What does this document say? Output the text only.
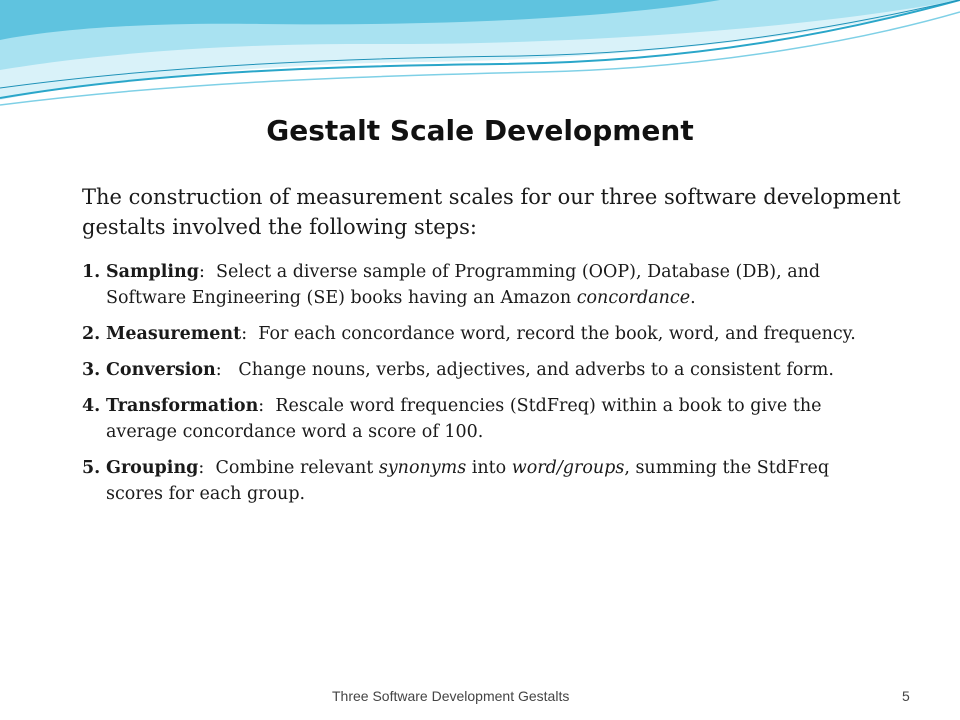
Gestalt Scale Development
The construction of measurement scales for our three software development gestalts involved the following steps:
1. Sampling:  Select a diverse sample of Programming (OOP), Database (DB), and Software Engineering (SE) books having an Amazon concordance.
2. Measurement:  For each concordance word, record the book, word, and frequency.
3. Conversion:   Change nouns, verbs, adjectives, and adverbs to a consistent form.
4. Transformation:  Rescale word frequencies (StdFreq) within a book to give the average concordance word a score of 100.
5. Grouping:  Combine relevant synonyms into word/groups, summing the StdFreq scores for each group.
Three Software Development Gestalts	5
